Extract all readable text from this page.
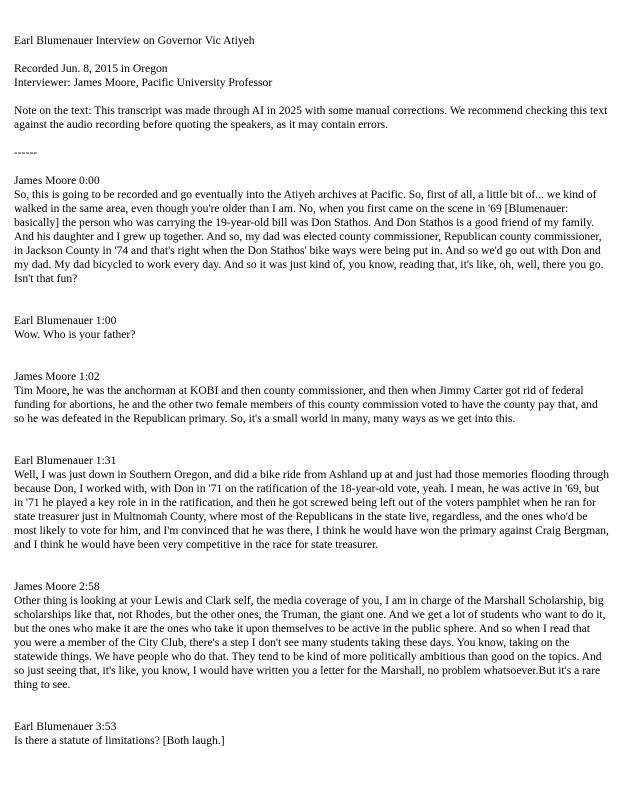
Earl Blumenauer Interview on Governor Vic Atiyeh

Recorded Jun. 8, 2015 in Oregon

Interviewer: James Moore, Pacific University Professor

Note on the text: This transcript was made through AI in 2025 with some manual corrections. We recommend checking this text against the audio recording before quoting the speakers, as it may contain errors.

------

James Moore 0:00

So, this is going to be recorded and go eventually into the Atiyeh archives at Pacific. So, first of all, a little bit of... we kind of walked in the same area, even though you're older than I am. No, when you first came on the scene in '69 [Blumenauer: basically] the person who was carrying the 19-year-old bill was Don Stathos. And Don Stathos is a good friend of my family. And his daughter and I grew up together. And so, my dad was elected county commissioner, Republican county commissioner, in Jackson County in '74 and that's right when the Don Stathos' bike ways were being put in. And so we'd go out with Don and my dad. My dad bicycled to work every day. And so it was just kind of, you know, reading that, it's like, oh, well, there you go. Isn't that fun?

Earl Blumenauer 1:00

Wow. Who is your father?

James Moore 1:02

Tim Moore, he was the anchorman at KOBI and then county commissioner, and then when Jimmy Carter got rid of federal funding for abortions, he and the other two female members of this county commission voted to have the county pay that, and so he was defeated in the Republican primary. So, it's a small world in many, many ways as we get into this.

Earl Blumenauer 1:31

Well, I was just down in Southern Oregon, and did a bike ride from Ashland up at and just had those memories flooding through because Don, I worked with, with Don in '71 on the ratification of the 18-year-old vote, yeah. I mean, he was active in '69, but in '71 he played a key role in in the ratification, and then he got screwed being left out of the voters pamphlet when he ran for state treasurer just in Multnomah County, where most of the Republicans in the state live, regardless, and the ones who'd be most likely to vote for him, and I'm convinced that he was there, I think he would have won the primary against Craig Bergman, and I think he would have been very competitive in the race for state treasurer.

James Moore 2:58

Other thing is looking at your Lewis and Clark self, the media coverage of you, I am in charge of the Marshall Scholarship, big scholarships like that, not Rhodes, but the other ones, the Truman, the giant one. And we get a lot of students who want to do it, but the ones who make it are the ones who take it upon themselves to be active in the public sphere. And so when I read that you were a member of the City Club, there's a step I don't see many students taking these days. You know, taking on the statewide things. We have people who do that. They tend to be kind of more politically ambitious than good on the topics. And so just seeing that, it's like, you know, I would have written you a letter for the Marshall, no problem whatsoever.But it's a rare thing to see.

Earl Blumenauer 3:53

Is there a statute of limitations? [Both laugh.]
